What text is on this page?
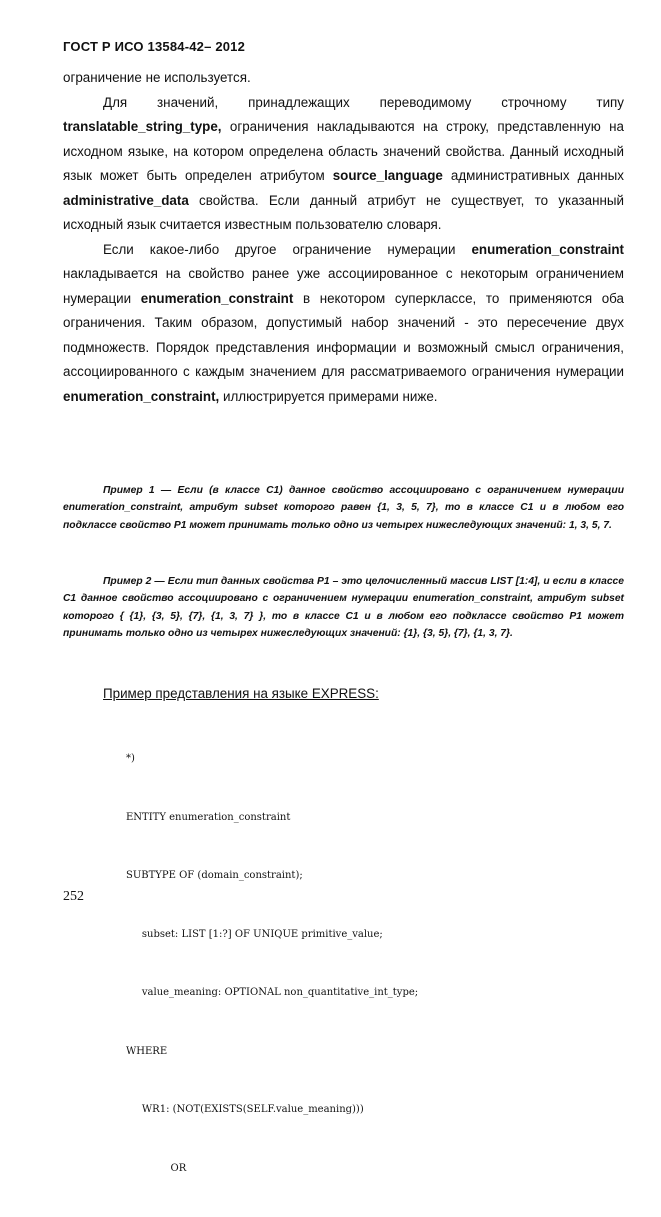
ГОСТ Р ИСО 13584-42– 2012

ограничение не используется.

Для значений, принадлежащих переводимому строчному типу translatable_string_type, ограничения накладываются на строку, представленную на исходном языке, на котором определена область значений свойства. Данный исходный язык может быть определен атрибутом source_language административных данных administrative_data свойства. Если данный атрибут не существует, то указанный исходный язык считается известным пользователю словаря.

Если какое-либо другое ограничение нумерации enumeration_constraint накладывается на свойство ранее уже ассоциированное с некоторым ограничением нумерации enumeration_constraint в некотором суперклассе, то применяются оба ограничения. Таким образом, допустимый набор значений - это пересечение двух подмножеств. Порядок представления информации и возможный смысл ограничения, ассоциированного с каждым значением для рассматриваемого ограничения нумерации enumeration_constraint, иллюстрируется примерами ниже.

Пример 1 — Если (в классе С1) данное свойство ассоциировано с ограничением нумерации enumeration_constraint, атрибут subset которого равен {1, 3, 5, 7}, то в классе С1 и в любом его подклассе свойство Р1 может принимать только одно из четырех нижеследующих значений: 1, 3, 5, 7.

Пример 2 — Если тип данных свойства Р1 – это целочисленный массив LIST [1:4], и если в классе С1 данное свойство ассоциировано с ограничением нумерации enumeration_constraint, атрибут subset которого { {1}, {3, 5}, {7}, {1, 3, 7} }, то в классе С1 и в любом его подклассе свойство Р1 может принимать только одно из четырех нижеследующих значений: {1}, {3, 5}, {7}, {1, 3, 7}.

Пример представления на языке EXPRESS:

*)

ENTITY enumeration_constraint

SUBTYPE OF (domain_constraint);

subset: LIST [1:?] OF UNIQUE primitive_value;

value_meaning: OPTIONAL non_quantitative_int_type;

WHERE

WR1: (NOT(EXISTS(SELF.value_meaning)))

OR

252
